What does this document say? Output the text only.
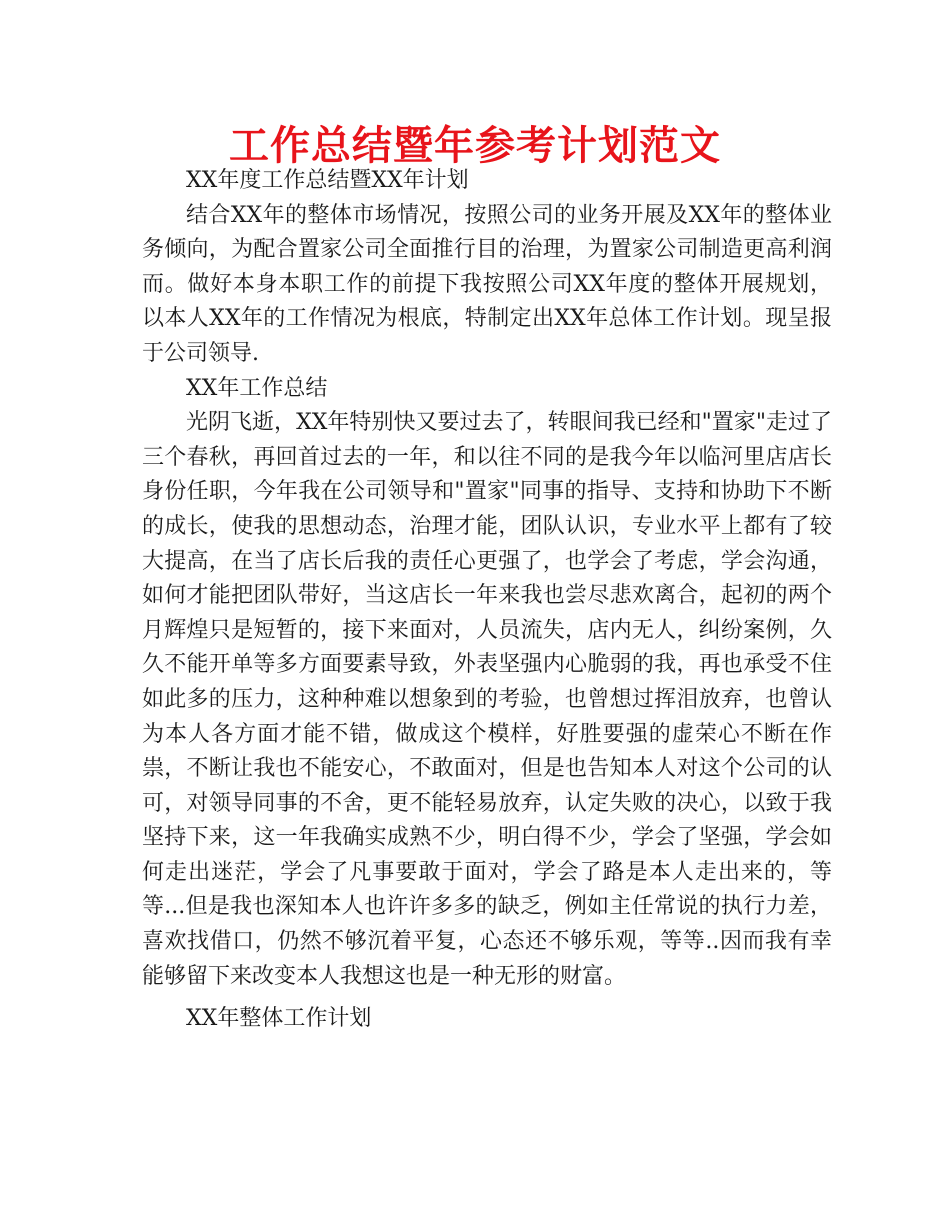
工作总结暨年参考计划范文

XX年度工作总结暨XX年计划

结合XX年的整体市场情况，按照公司的业务开展及XX年的整体业务倾向，为配合置家公司全面推行目的治理，为置家公司制造更高利润而。做好本身本职工作的前提下我按照公司XX年度的整体开展规划，以本人XX年的工作情况为根底，特制定出XX年总体工作计划。现呈报于公司领导.

XX年工作总结

光阴飞逝，XX年特别快又要过去了，转眼间我已经和"置家"走过了三个春秋，再回首过去的一年，和以往不同的是我今年以临河里店店长身份任职，今年我在公司领导和"置家"同事的指导、支持和协助下不断的成长，使我的思想动态，治理才能，团队认识，专业水平上都有了较大提高，在当了店长后我的责任心更强了，也学会了考虑，学会沟通，如何才能把团队带好，当这店长一年来我也尝尽悲欢离合，起初的两个月辉煌只是短暂的，接下来面对，人员流失，店内无人，纠纷案例，久久不能开单等多方面要素导致，外表坚强内心脆弱的我，再也承受不住如此多的压力，这种种难以想象到的考验，也曾想过挥泪放弃，也曾认为本人各方面才能不错，做成这个模样，好胜要强的虚荣心不断在作祟，不断让我也不能安心，不敢面对，但是也告知本人对这个公司的认可，对领导同事的不舍，更不能轻易放弃，认定失败的决心，以致于我坚持下来，这一年我确实成熟不少，明白得不少，学会了坚强，学会如何走出迷茫，学会了凡事要敢于面对，学会了路是本人走出来的，等等...但是我也深知本人也许许多多的缺乏，例如主任常说的执行力差，喜欢找借口，仍然不够沉着平复，心态还不够乐观，等等..因而我有幸能够留下来改变本人我想这也是一种无形的财富。

XX年整体工作计划
